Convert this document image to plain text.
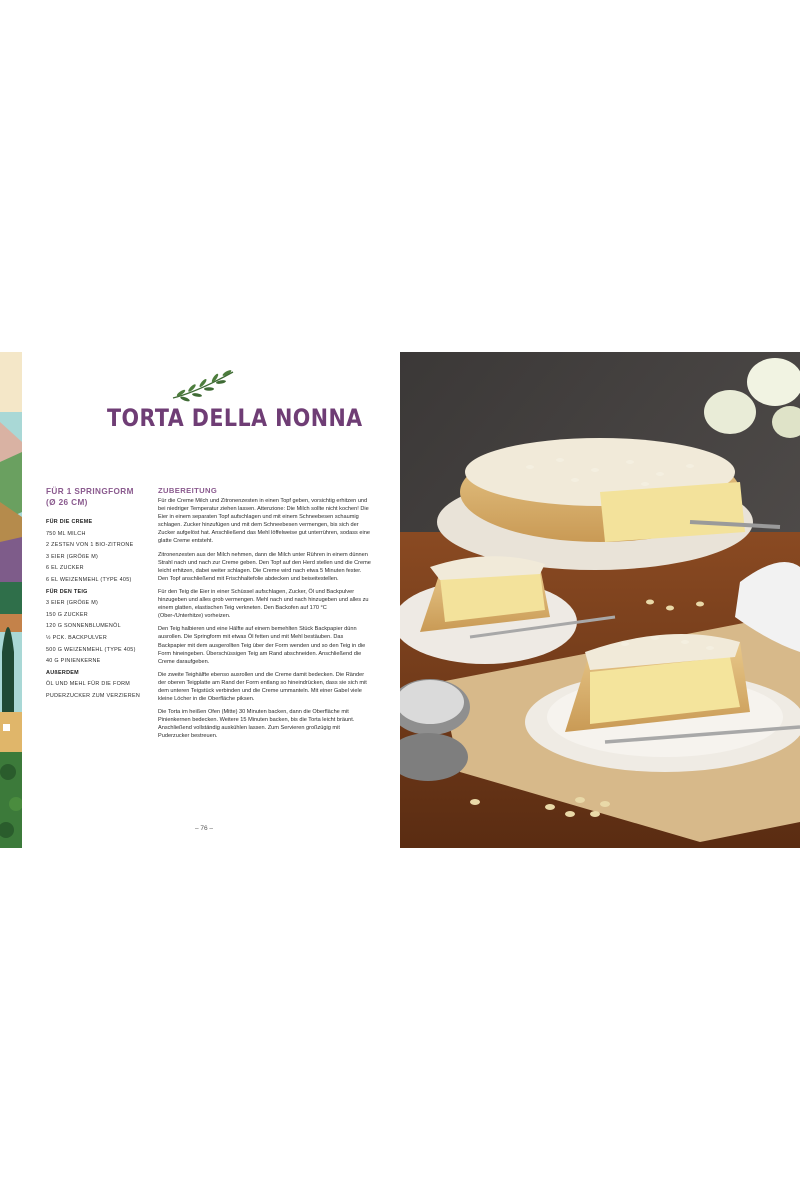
TORTA DELLA NONNA
FÜR 1 SPRINGFORM
(Ø 26 CM)
FÜR DIE CREME
750 ML MILCH
2 ZESTEN VON 1 BIO-ZITRONE
3 EIER (GRÖßE M)
6 EL ZUCKER
6 EL WEIZENMEHL (TYPE 405)
FÜR DEN TEIG
3 EIER (GRÖßE M)
150 G ZUCKER
120 G SONNENBLUMENÖL
½ PCK. BACKPULVER
500 G WEIZENMEHL (TYPE 405)
40 G PINIENKERNE
AUßERDEM
ÖL UND MEHL FÜR DIE FORM
PUDERZUCKER ZUM VERZIEREN
ZUBEREITUNG

Für die Creme Milch und Zitronenzesten in einen Topf geben, vorsichtig erhitzen und bei niedriger Temperatur ziehen lassen. Attenzione: Die Milch sollte nicht kochen! Die Eier in einem separaten Topf aufschlagen und mit einem Schneebesen schaumig schlagen. Zucker hinzufügen und mit dem Schneebesen vermengen, bis sich der Zucker aufgelöst hat. Anschließend das Mehl löffelweise gut unterrühren, sodass eine glatte Creme entsteht.

Zitronenzesten aus der Milch nehmen, dann die Milch unter Rühren in einem dünnen Strahl nach und nach zur Creme geben. Den Topf auf den Herd stellen und die Creme leicht erhitzen, dabei weiter schlagen. Die Creme wird nach etwa 5 Minuten fester. Den Topf anschließend mit Frischhaltefolie abdecken und beiseitestellen.

Für den Teig die Eier in einer Schüssel aufschlagen, Zucker, Öl und Backpulver hinzugeben und alles grob vermengen. Mehl nach und nach hinzugeben und alles zu einem glatten, elastischen Teig verkneten. Den Backofen auf 170 °C (Ober-/Unterhitze) vorheizen.

Den Teig halbieren und eine Hälfte auf einem bemehlten Stück Backpapier dünn ausrollen. Die Springform mit etwas Öl fetten und mit Mehl bestäuben. Das Backpapier mit dem ausgerollten Teig über der Form wenden und so den Teig in die Form hineingeben. Überschüssigen Teig am Rand abschneiden. Anschließend die Creme daraufgeben.

Die zweite Teighälfte ebenso ausrollen und die Creme damit bedecken. Die Ränder der oberen Teigplatte am Rand der Form entlang so hineindrücken, dass sie sich mit dem unteren Teigstück verbinden und die Creme ummanteln. Mit einer Gabel viele kleine Löcher in die Oberfläche piksen.

Die Torta im heißen Ofen (Mitte) 30 Minuten backen, dann die Oberfläche mit Pinienkernen bedecken. Weitere 15 Minuten backen, bis die Torta leicht bräunt. Anschließend vollständig auskühlen lassen. Zum Servieren großzügig mit Puderzucker bestreuen.

– 76 –
